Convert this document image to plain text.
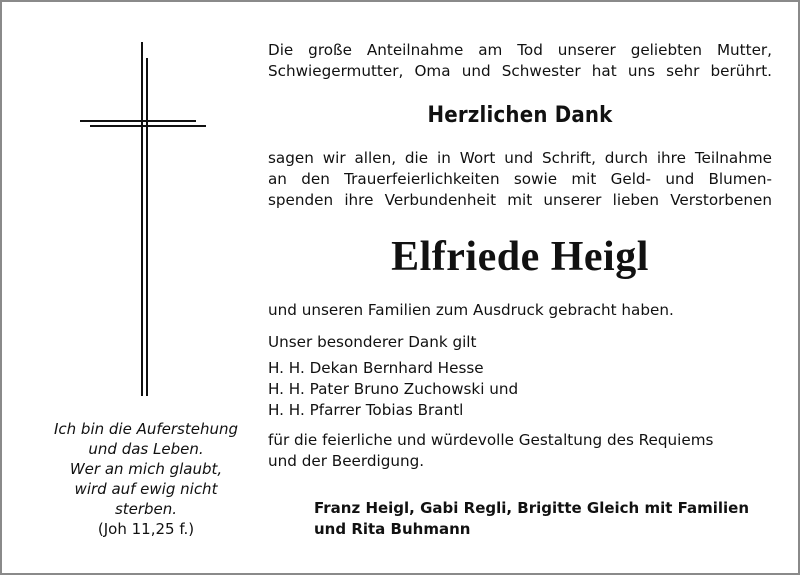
Ich bin die Auferstehung
und das Leben.
Wer an mich glaubt,
wird auf ewig nicht
sterben.
(Joh 11,25 f.)
Die große Anteilnahme am Tod unserer geliebten Mutter,
Schwiegermutter, Oma und Schwester hat uns sehr berührt.
Herzlichen Dank
sagen wir allen, die in Wort und Schrift, durch ihre Teilnahme
an den Trauerfeierlichkeiten sowie mit Geld- und Blumen-
spenden ihre Verbundenheit mit unserer lieben Verstorbenen
Elfriede Heigl
und unseren Familien zum Ausdruck gebracht haben.
Unser besonderer Dank gilt
H. H. Dekan Bernhard Hesse
H. H. Pater Bruno Zuchowski und
H. H. Pfarrer Tobias Brantl
für die feierliche und würdevolle Gestaltung des Requiems
und der Beerdigung.
Franz Heigl, Gabi Regli, Brigitte Gleich mit Familien
und Rita Buhmann
